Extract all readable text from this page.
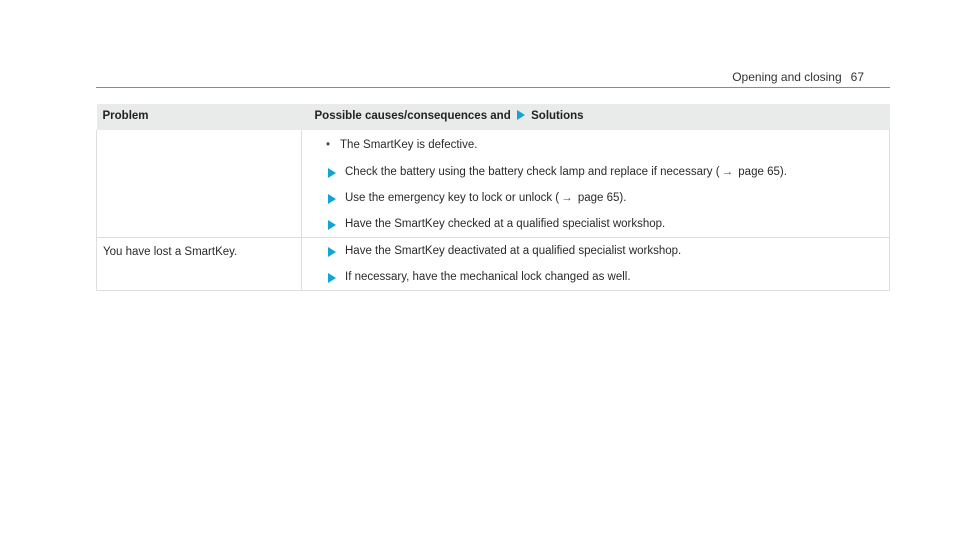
Opening and closing 67
Problem	Possible causes/consequences and Solutions

	• The SmartKey is defective.
Check the battery using the battery check lamp and replace if necessary ( → page 65).
Use the emergency key to lock or unlock ( → page 65).
Have the SmartKey checked at a qualified specialist workshop.

You have lost a SmartKey.	Have the SmartKey deactivated at a qualified specialist workshop.
If necessary, have the mechanical lock changed as well.
